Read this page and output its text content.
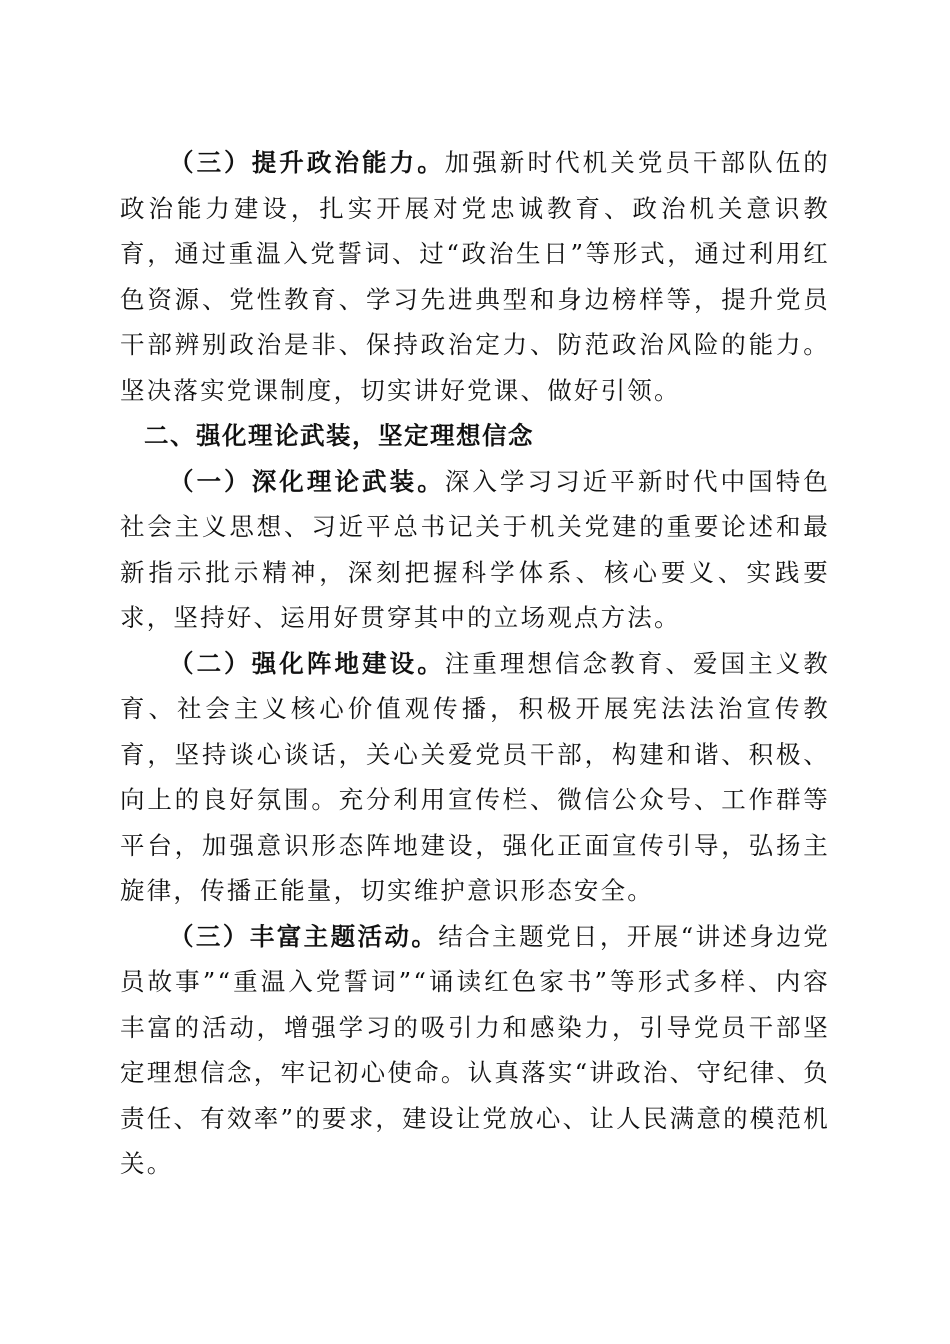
（三）提升政治能力。加强新时代机关党员干部队伍的政治能力建设，扎实开展对党忠诚教育、政治机关意识教育，通过重温入党誓词、过“政治生日”等形式，通过利用红色资源、党性教育、学习先进典型和身边榜样等，提升党员干部辨别政治是非、保持政治定力、防范政治风险的能力。坚决落实党课制度，切实讲好党课、做好引领。

二、强化理论武装，坚定理想信念

（一）深化理论武装。深入学习习近平新时代中国特色社会主义思想、习近平总书记关于机关党建的重要论述和最新指示批示精神，深刻把握科学体系、核心要义、实践要求，坚持好、运用好贯穿其中的立场观点方法。

（二）强化阵地建设。注重理想信念教育、爱国主义教育、社会主义核心价值观传播，积极开展宪法法治宣传教育，坚持谈心谈话，关心关爱党员干部，构建和谐、积极、向上的良好氛围。充分利用宣传栏、微信公众号、工作群等平台，加强意识形态阵地建设，强化正面宣传引导，弘扬主旋律，传播正能量，切实维护意识形态安全。

（三）丰富主题活动。结合主题党日，开展“讲述身边党员故事”“重温入党誓词”“诵读红色家书”等形式多样、内容丰富的活动，增强学习的吸引力和感染力，引导党员干部坚定理想信念，牢记初心使命。认真落实“讲政治、守纪律、负责任、有效率”的要求，建设让党放心、让人民满意的模范机关。
